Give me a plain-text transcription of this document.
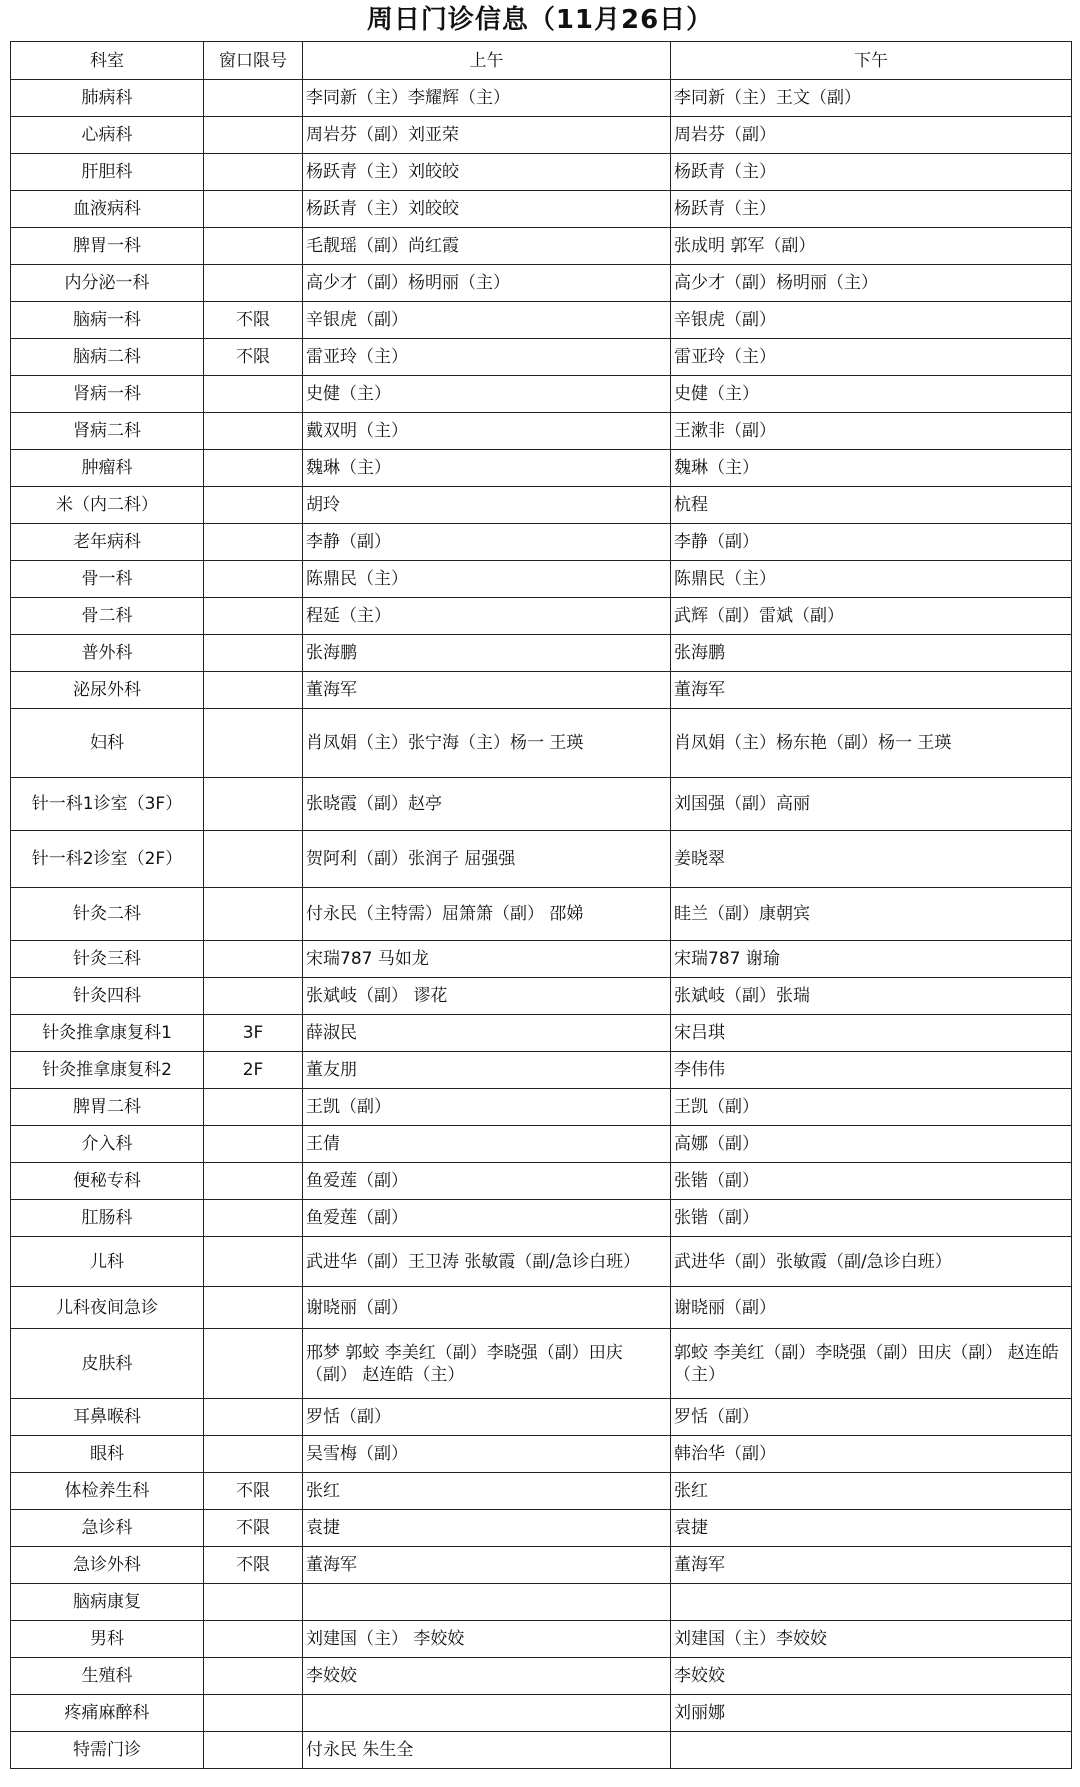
周日门诊信息（11月26日）
科室	窗口限号	上午	下午
肺病科		李同新（主）李耀辉（主）	李同新（主）王文（副）
心病科		周岩芬（副）刘亚荣	周岩芬（副）
肝胆科		杨跃青（主）刘皎皎	杨跃青（主）
血液病科		杨跃青（主）刘皎皎	杨跃青（主）
脾胃一科		毛靓瑶（副）尚红霞	张成明 郭军（副）
内分泌一科		高少才（副）杨明丽（主）	高少才（副）杨明丽（主）
脑病一科	不限	辛银虎（副）	辛银虎（副）
脑病二科	不限	雷亚玲（主）	雷亚玲（主）
肾病一科		史健（主）	史健（主）
肾病二科		戴双明（主）	王漱非（副）
肿瘤科		魏琳（主）	魏琳（主）
米（内二科）		胡玲	杭程
老年病科		李静（副）	李静（副）
骨一科		陈鼎民（主）	陈鼎民（主）
骨二科		程延（主）	武辉（副）雷斌（副）
普外科		张海鹏	张海鹏
泌尿外科		董海军	董海军
妇科		肖凤娟（主）张宁海（主）杨一 王瑛	肖凤娟（主）杨东艳（副）杨一 王瑛
针一科1诊室（3F）		张晓霞（副）赵亭	刘国强（副）高丽
针一科2诊室（2F）		贺阿利（副）张润子 屈强强	姜晓翠
针灸二科		付永民（主特需）屈箫箫（副） 邵娣	眭兰（副）康朝宾
针灸三科		宋瑞787 马如龙	宋瑞787 谢瑜
针灸四科		张斌岐（副） 谬花	张斌岐（副）张瑞
针灸推拿康复科1	3F	薛淑民	宋吕琪
针灸推拿康复科2	2F	董友朋	李伟伟
脾胃二科		王凯（副）	王凯（副）
介入科		王倩	高娜（副）
便秘专科		鱼爱莲（副）	张锴（副）
肛肠科		鱼爱莲（副）	张锴（副）
儿科		武进华（副）王卫涛 张敏霞（副/急诊白班）	武进华（副）张敏霞（副/急诊白班）
儿科夜间急诊		谢晓丽（副）	谢晓丽（副）
皮肤科		邢梦 郭蛟 李美红（副）李晓强（副）田庆（副） 赵连皓（主）	郭蛟 李美红（副）李晓强（副）田庆（副） 赵连皓（主）
耳鼻喉科		罗恬（副）	罗恬（副）
眼科		吴雪梅（副）	韩治华（副）
体检养生科	不限	张红	张红
急诊科	不限	袁捷	袁捷
急诊外科	不限	董海军	董海军
脑病康复			
男科		刘建国（主） 李姣姣	刘建国（主）李姣姣
生殖科		李姣姣	李姣姣
疼痛麻醉科			刘丽娜
特需门诊		付永民 朱生全	
